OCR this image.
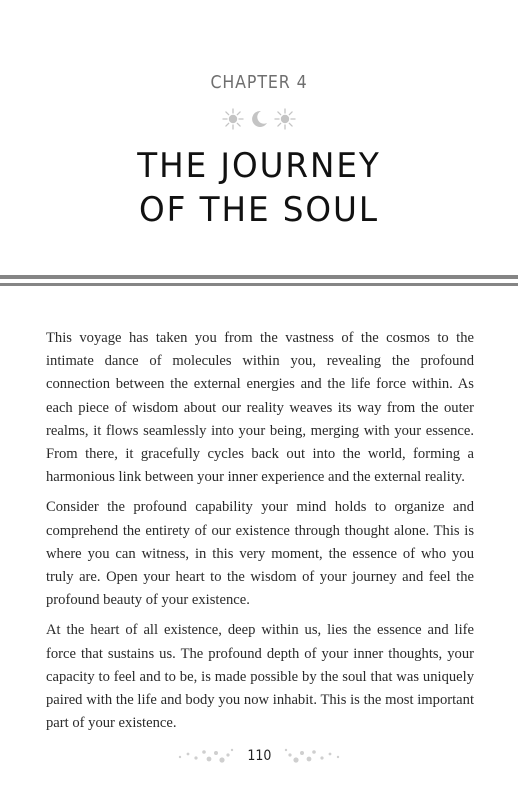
CHAPTER 4
THE JOURNEY
OF THE SOUL

This voyage has taken you from the vastness of the cosmos to the intimate dance of molecules within you, revealing the profound connection between the external energies and the life force within. As each piece of wisdom about our reality weaves its way from the outer realms, it flows seamlessly into your being, merging with your essence. From there, it gracefully cycles back out into the world, forming a harmonious link between your inner experience and the external reality.

Consider the profound capability your mind holds to organize and comprehend the entirety of our existence through thought alone. This is where you can witness, in this very moment, the essence of who you truly are. Open your heart to the wisdom of your journey and feel the profound beauty of your existence.

At the heart of all existence, deep within us, lies the essence and life force that sustains us. The profound depth of your inner thoughts, your capacity to feel and to be, is made possible by the soul that was uniquely paired with the life and body you now inhabit. This is the most important part of your existence.

110
